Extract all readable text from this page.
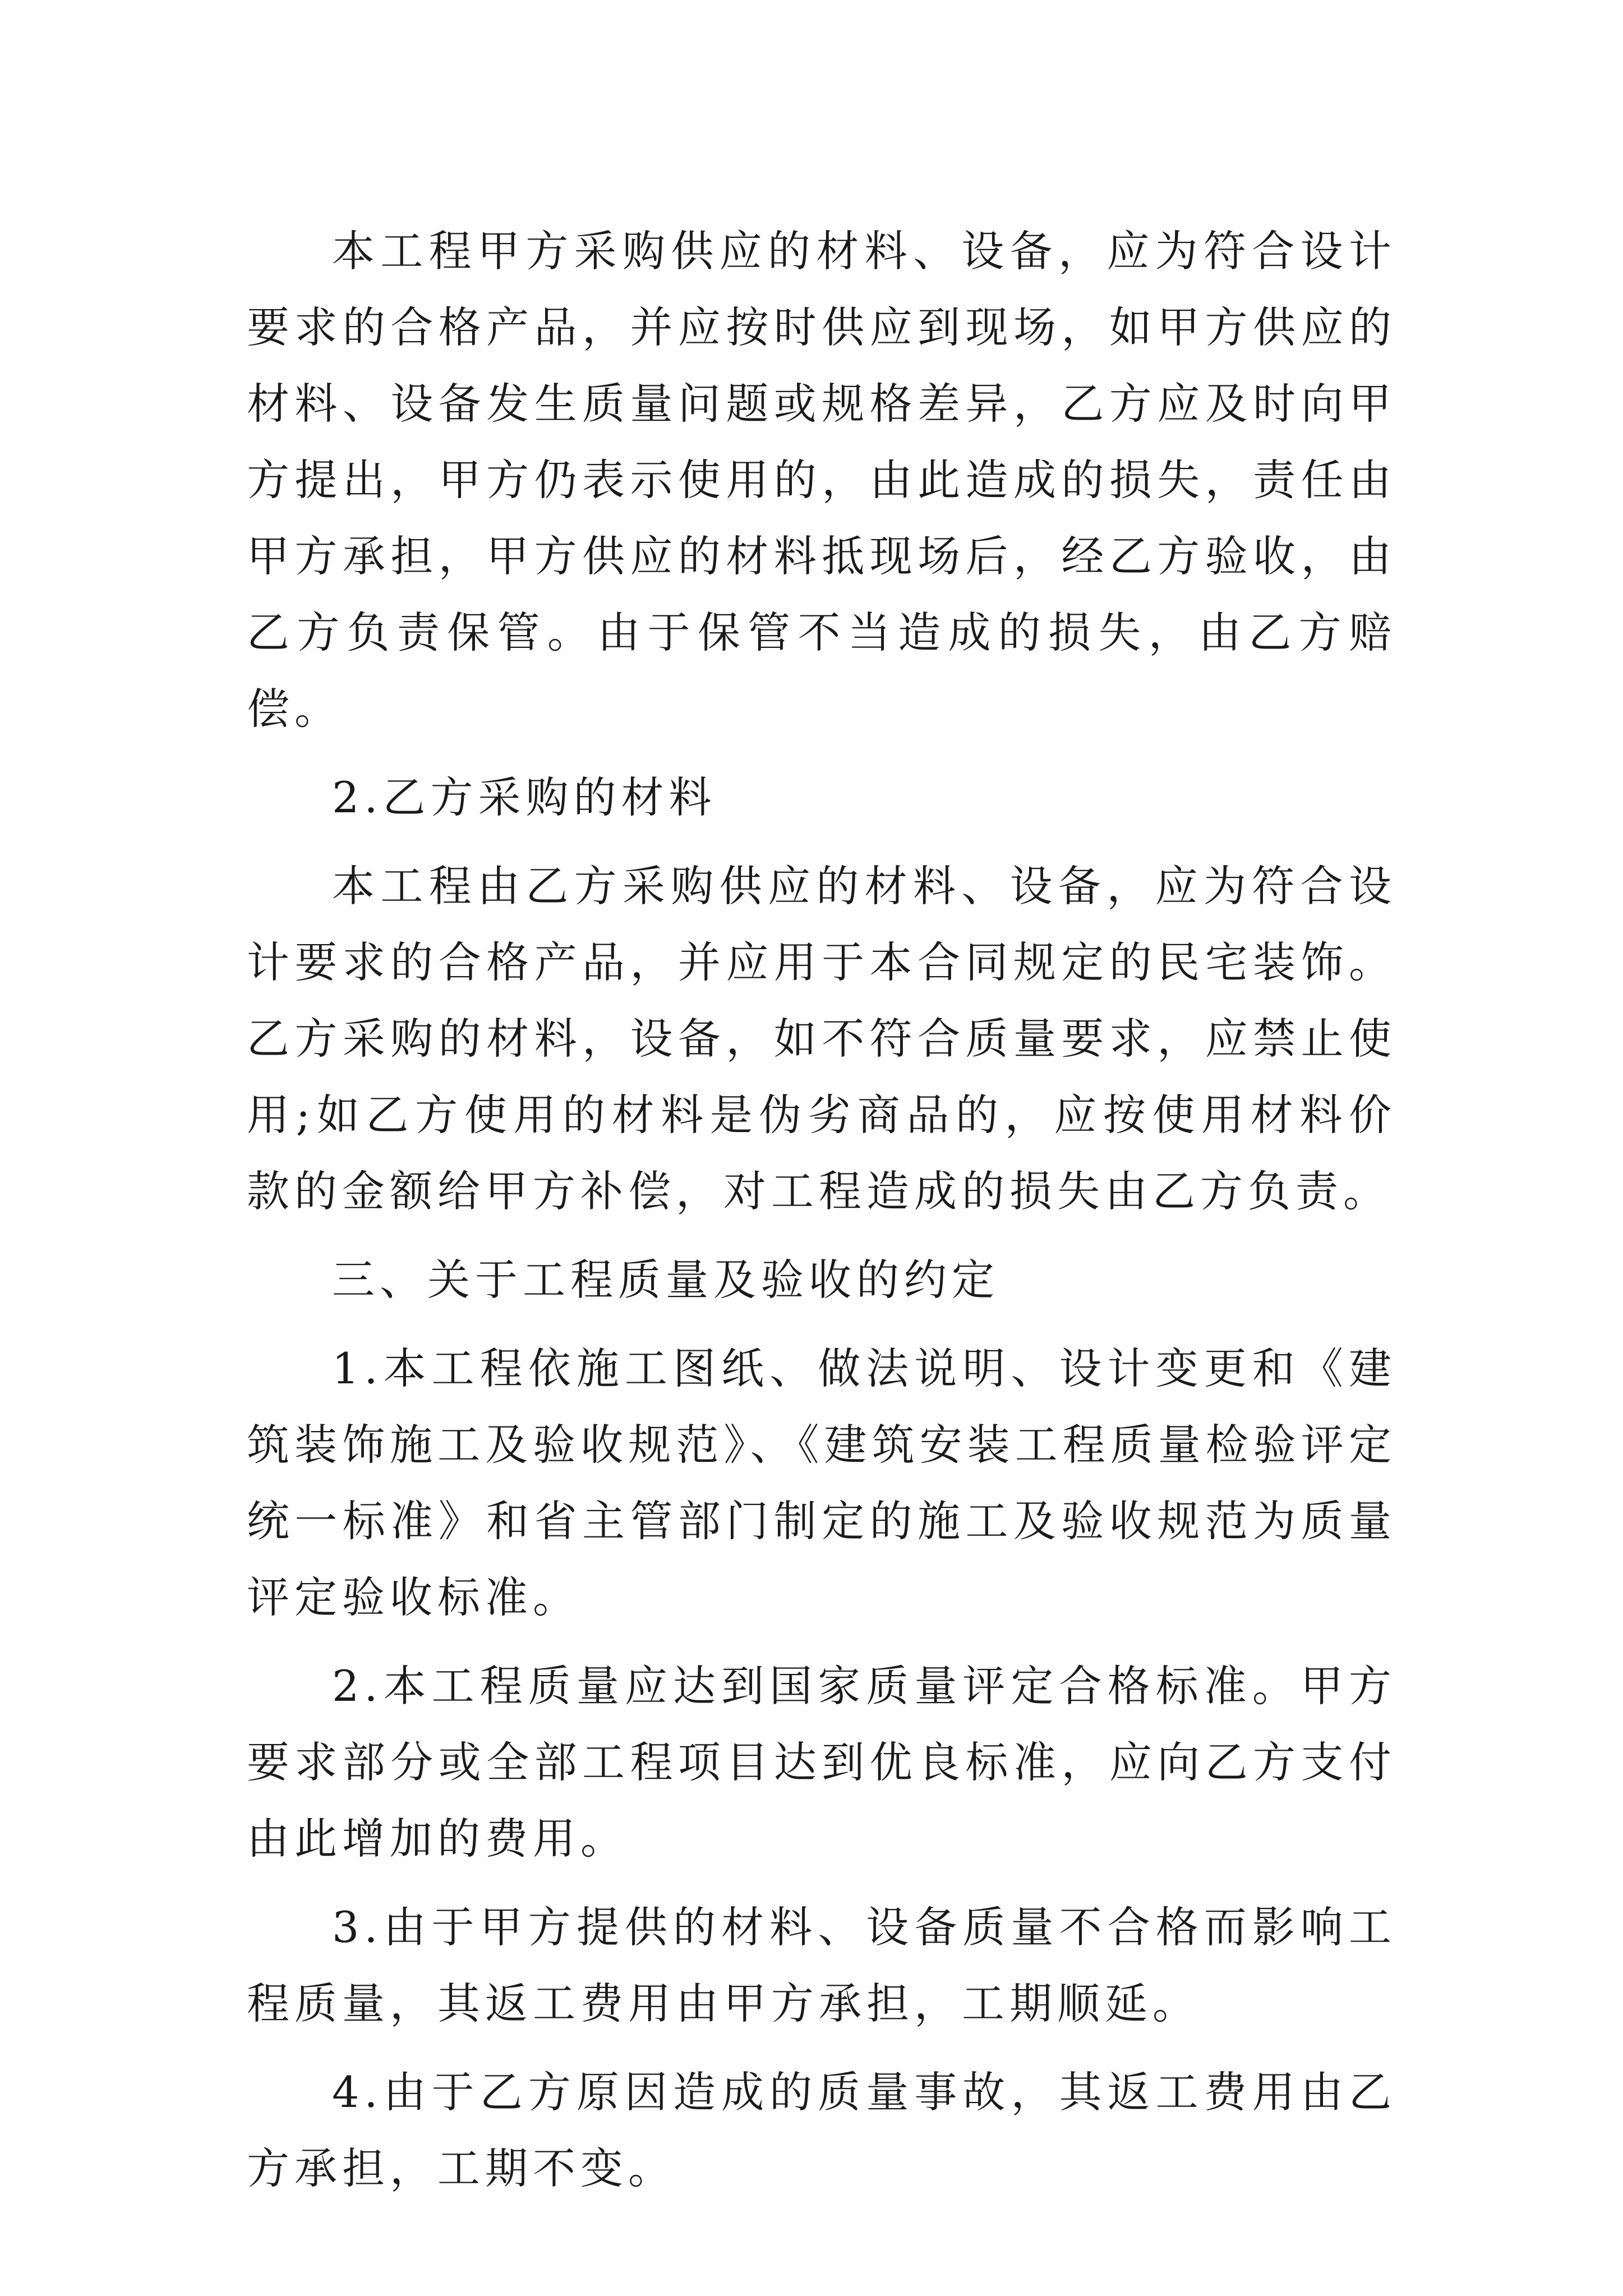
本工程甲方采购供应的材料、设备，应为符合设计要求的合格产品，并应按时供应到现场，如甲方供应的材料、设备发生质量问题或规格差异，乙方应及时向甲方提出，甲方仍表示使用的，由此造成的损失，责任由甲方承担，甲方供应的材料抵现场后，经乙方验收，由乙方负责保管。由于保管不当造成的损失，由乙方赔偿。

2.乙方采购的材料

本工程由乙方采购供应的材料、设备，应为符合设计要求的合格产品，并应用于本合同规定的民宅装饰。乙方采购的材料，设备，如不符合质量要求，应禁止使用;如乙方使用的材料是伪劣商品的，应按使用材料价款的金额给甲方补偿，对工程造成的损失由乙方负责。

三、关于工程质量及验收的约定

1.本工程依施工图纸、做法说明、设计变更和《建筑装饰施工及验收规范》、《建筑安装工程质量检验评定统一标准》和省主管部门制定的施工及验收规范为质量评定验收标准。

2.本工程质量应达到国家质量评定合格标准。甲方要求部分或全部工程项目达到优良标准，应向乙方支付由此增加的费用。

3.由于甲方提供的材料、设备质量不合格而影响工程质量，其返工费用由甲方承担，工期顺延。

4.由于乙方原因造成的质量事故，其返工费用由乙方承担，工期不变。
